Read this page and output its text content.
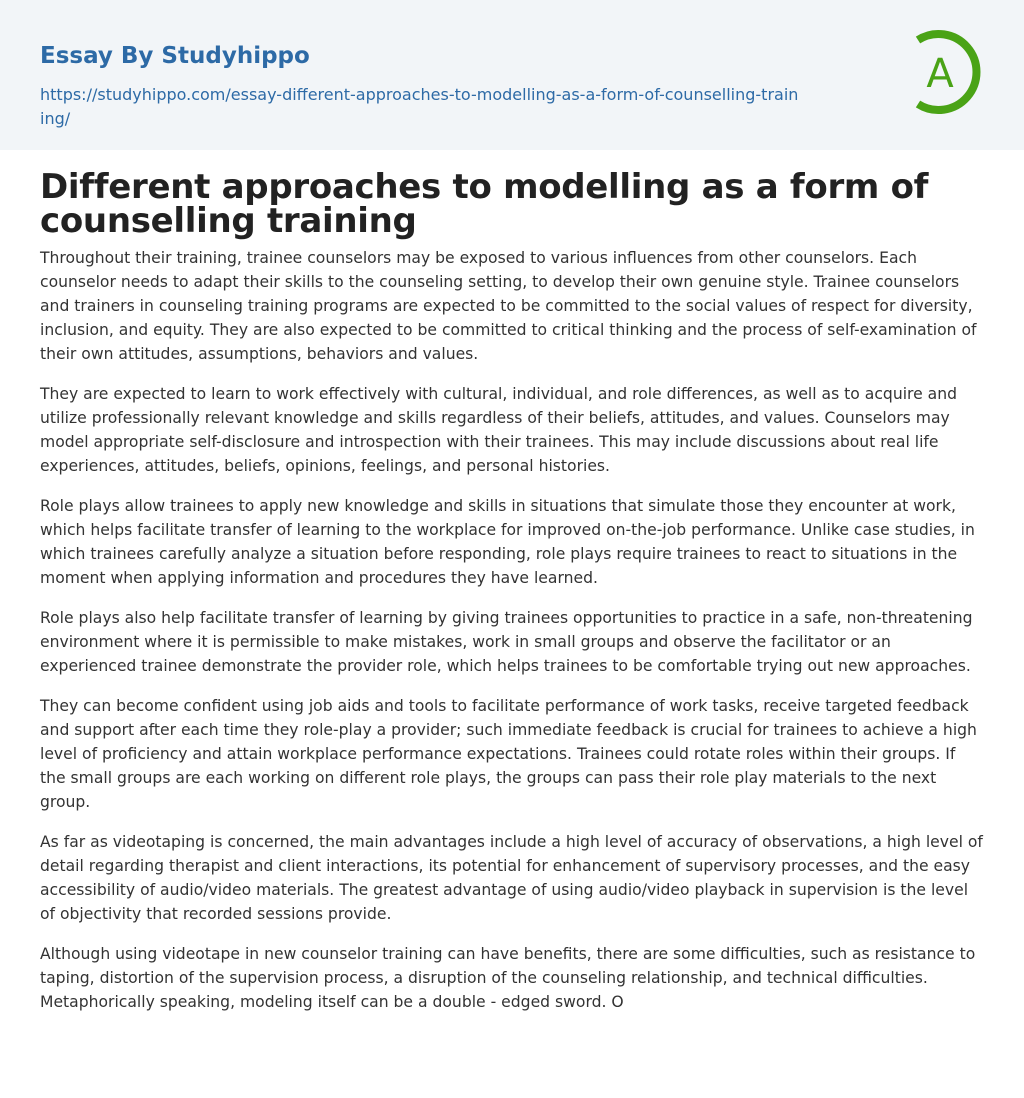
Essay By Studyhippo
https://studyhippo.com/essay-different-approaches-to-modelling-as-a-form-of-counselling-training/
A
Different approaches to modelling as a form of counselling training

Throughout their training, trainee counselors may be exposed to various influences from other counselors. Each counselor needs to adapt their skills to the counseling setting, to develop their own genuine style. Trainee counselors and trainers in counseling training programs are expected to be committed to the social values of respect for diversity, inclusion, and equity. They are also expected to be committed to critical thinking and the process of self-examination of their own attitudes, assumptions, behaviors and values.

They are expected to learn to work effectively with cultural, individual, and role differences, as well as to acquire and utilize professionally relevant knowledge and skills regardless of their beliefs, attitudes, and values. Counselors may model appropriate self-disclosure and introspection with their trainees. This may include discussions about real life experiences, attitudes, beliefs, opinions, feelings, and personal histories.

Role plays allow trainees to apply new knowledge and skills in situations that simulate those they encounter at work, which helps facilitate transfer of learning to the workplace for improved on-the-job performance. Unlike case studies, in which trainees carefully analyze a situation before responding, role plays require trainees to react to situations in the moment when applying information and procedures they have learned.

Role plays also help facilitate transfer of learning by giving trainees opportunities to practice in a safe, non-threatening environment where it is permissible to make mistakes, work in small groups and observe the facilitator or an experienced trainee demonstrate the provider role, which helps trainees to be comfortable trying out new approaches.

They can become confident using job aids and tools to facilitate performance of work tasks, receive targeted feedback and support after each time they role-play a provider; such immediate feedback is crucial for trainees to achieve a high level of proficiency and attain workplace performance expectations. Trainees could rotate roles within their groups. If the small groups are each working on different role plays, the groups can pass their role play materials to the next group.

As far as videotaping is concerned, the main advantages include a high level of accuracy of observations, a high level of detail regarding therapist and client interactions, its potential for enhancement of supervisory processes, and the easy accessibility of audio/video materials. The greatest advantage of using audio/video playback in supervision is the level of objectivity that recorded sessions provide.

Although using videotape in new counselor training can have benefits, there are some difficulties, such as resistance to taping, distortion of the supervision process, a disruption of the counseling relationship, and technical difficulties. Metaphorically speaking, modeling itself can be a double - edged sword. O
